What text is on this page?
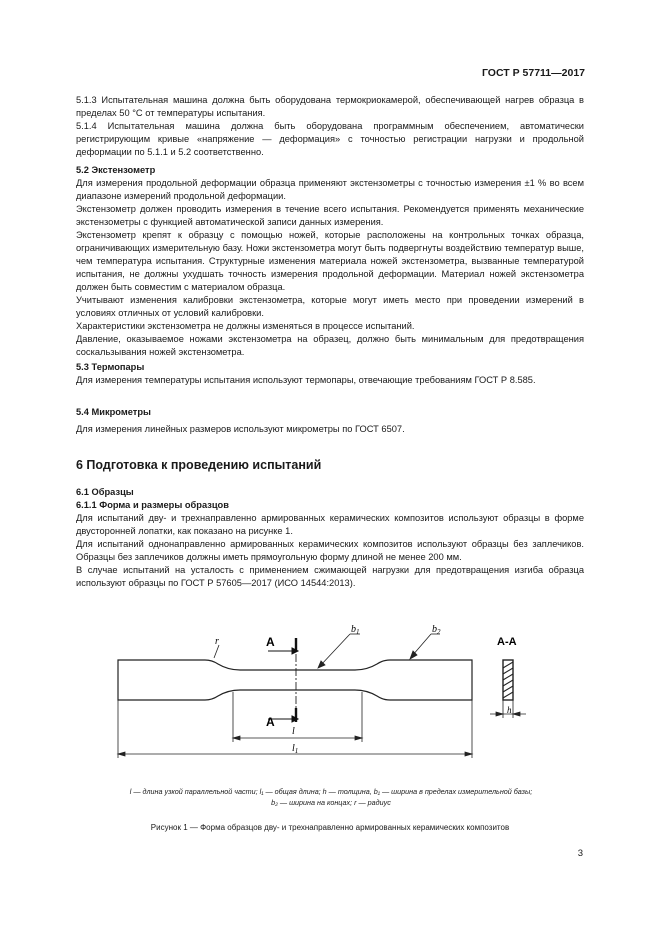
ГОСТ Р 57711—2017

5.1.3 Испытательная машина должна быть оборудована термокриокамерой, обеспечивающей нагрев образца в пределах 50 °С от температуры испытания.

5.1.4 Испытательная машина должна быть оборудована программным обеспечением, автоматически регистрирующим кривые «напряжение — деформация» с точностью регистрации нагрузки и продольной деформации по 5.1.1 и 5.2 соответственно.

5.2 Экстензометр

Для измерения продольной деформации образца применяют экстензометры с точностью измерения ±1 % во всем диапазоне измерений продольной деформации.

Экстензометр должен проводить измерения в течение всего испытания. Рекомендуется применять механические экстензометры с функцией автоматической записи данных измерения.

Экстензометр крепят к образцу с помощью ножей, которые расположены на контрольных точках образца, ограничивающих измерительную базу. Ножи экстензометра могут быть подвергнуты воздействию температур выше, чем температура испытания. Структурные изменения материала ножей экстензометра, вызванные температурой испытания, не должны ухудшать точность измерения продольной деформации. Материал ножей экстензометра должен быть совместим с материалом образца.

Учитывают изменения калибровки экстензометра, которые могут иметь место при проведении измерений в условиях отличных от условий калибровки.

Характеристики экстензометра не должны изменяться в процессе испытаний.

Давление, оказываемое ножами экстензометра на образец, должно быть минимальным для предотвращения соскальзывания ножей экстензометра.

5.3 Термопары

Для измерения температуры испытания используют термопары, отвечающие требованиям ГОСТ Р 8.585.

5.4 Микрометры

Для измерения линейных размеров используют микрометры по ГОСТ 6507.

6 Подготовка к проведению испытаний

6.1 Образцы

6.1.1 Форма и размеры образцов

Для испытаний дву- и трехнаправленно армированных керамических композитов используют образцы в форме двусторонней лопатки, как показано на рисунке 1.

Для испытаний однонаправленно армированных керамических композитов используют образцы без заплечиков. Образцы без заплечиков должны иметь прямоугольную форму длиной не менее 200 мм.

В случае испытаний на усталость с применением сжимающей нагрузки для предотвращения изгиба образца используют образцы по ГОСТ Р 57605—2017 (ИСО 14544:2013).

А
А
$b_1$	$b_2$
r
l
$l_1$
А-А
h
l — длина узкой параллельной части; l₁ — общая длина; h — толщина, b₁ — ширина в пределах измерительной базы;
b₂ — ширина на концах; r — радиус
Рисунок 1 — Форма образцов дву- и трехнаправленно армированных керамических композитов
3
